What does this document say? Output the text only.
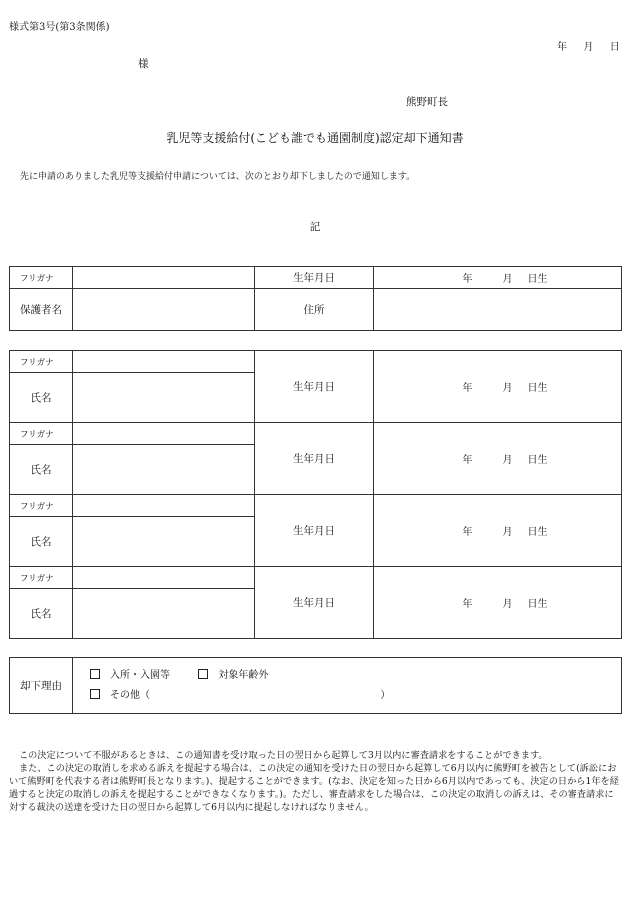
様式第3号(第3条関係)
年 月 日
様
熊野町長
乳児等支援給付(こども誰でも通園制度)認定却下通知書
先に申請のありました乳児等支援給付申請については、次のとおり却下しましたので通知します。
記
フリガナ		生年月日	年 月 日生
保護者名		住所	
フリガナ		生年月日	年 月 日生
氏名			
フリガナ		生年月日	年 月 日生
氏名			
フリガナ		生年月日	年 月 日生
氏名			
フリガナ		生年月日	年 月 日生
氏名			
却下理由	
入所・入園等	対象年齢外
その他（	）

この決定について不服があるときは、この通知書を受け取った日の翌日から起算して3月以内に審査請求をすることができます。

また、この決定の取消しを求める訴えを提起する場合は、この決定の通知を受けた日の翌日から起算して6月以内に熊野町を被告として(訴訟において熊野町を代表する者は熊野町長となります。)、提起することができます。(なお、決定を知った日から6月以内であっても、決定の日から1年を経過すると決定の取消しの訴えを提起することができなくなります。)。ただし、審査請求をした場合は、この決定の取消しの訴えは、その審査請求に対する裁決の送達を受けた日の翌日から起算して6月以内に提起しなければなりません。
